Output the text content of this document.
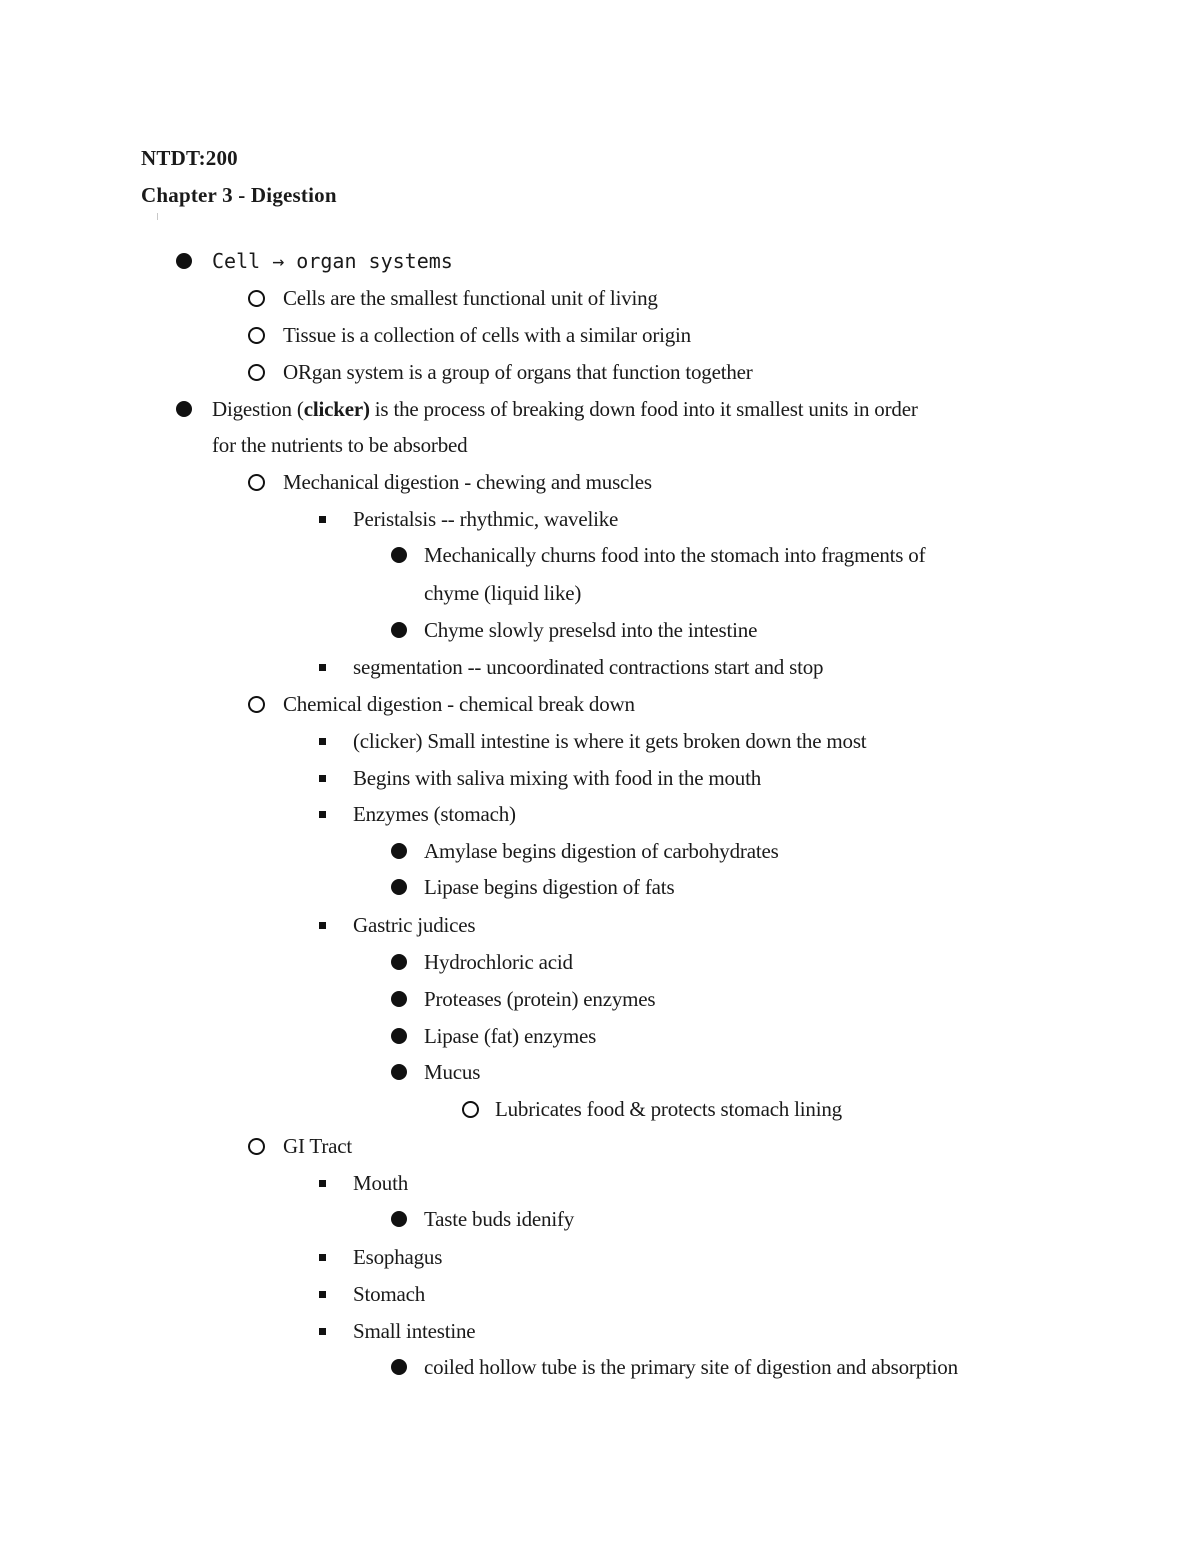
NTDT:200
Chapter 3 - Digestion
Cell → organ systems
Cells are the smallest functional unit of living
Tissue is a collection of cells with a similar origin
ORgan system is a group of organs that function together
Digestion (clicker) is the process of breaking down food into it smallest units in order
for the nutrients to be absorbed
Mechanical digestion - chewing and muscles
Peristalsis -- rhythmic, wavelike
Mechanically churns food into the stomach into fragments of
chyme (liquid like)
Chyme slowly preselsd into the intestine
segmentation -- uncoordinated contractions start and stop
Chemical digestion - chemical break down
(clicker) Small intestine is where it gets broken down the most
Begins with saliva mixing with food in the mouth
Enzymes (stomach)
Amylase begins digestion of carbohydrates
Lipase begins digestion of fats
Gastric judices
Hydrochloric acid
Proteases (protein) enzymes
Lipase (fat) enzymes
Mucus
Lubricates food & protects stomach lining
GI Tract
Mouth
Taste buds idenify
Esophagus
Stomach
Small intestine
coiled hollow tube is the primary site of digestion and absorption
